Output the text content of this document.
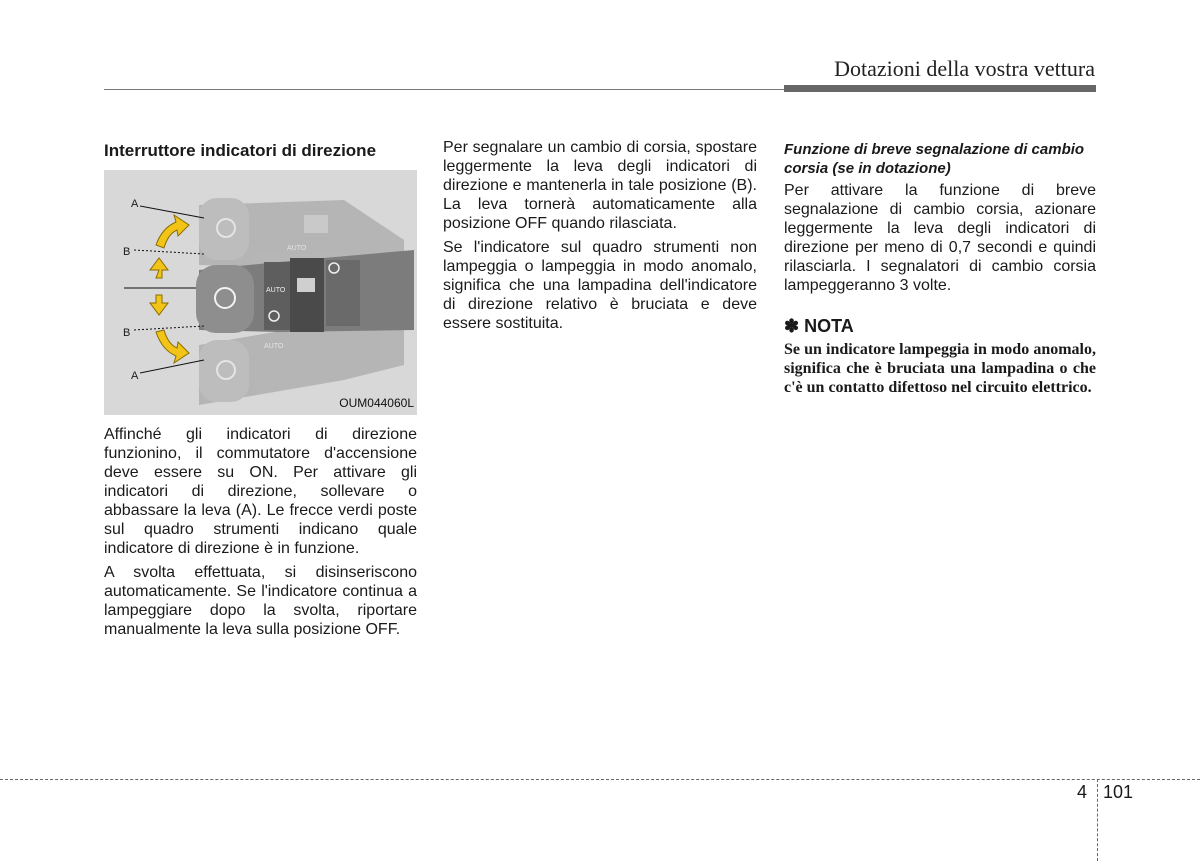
Dotazioni della vostra vettura
Interruttore indicatori di direzione
AUTO
AUTO
AUTO
A
B
B
A
OUM044060L

Affinché gli indicatori di direzione funzionino, il commutatore d'accensione deve essere su ON. Per attivare gli indicatori di direzione, sollevare o abbassare la leva (A). Le frecce verdi poste sul quadro strumenti indicano quale indicatore di direzione è in funzione.

A svolta effettuata, si disinseriscono automaticamente. Se l'indicatore continua a lampeggiare dopo la svolta, riportare manualmente la leva sulla posizione OFF.

Per segnalare un cambio di corsia, spostare leggermente la leva degli indicatori di direzione e mantenerla in tale posizione (B). La leva tornerà automaticamente alla posizione OFF quando rilasciata.

Se l'indicatore sul quadro strumenti non lampeggia o lampeggia in modo anomalo, significa che una lampadina dell'indicatore di direzione relativo è bruciata e deve essere sostituita.

Funzione di breve segnalazione di cambio corsia (se in dotazione)

Per attivare la funzione di breve segnalazione di cambio corsia, azionare leggermente la leva degli indicatori di direzione per meno di 0,7 secondi e quindi rilasciarla. I segnalatori di cambio corsia lampeggeranno 3 volte.

✽ NOTA

Se un indicatore lampeggia in modo anomalo, significa che è bruciata una lampadina o che c'è un contatto difettoso nel circuito elettrico.

4 101
